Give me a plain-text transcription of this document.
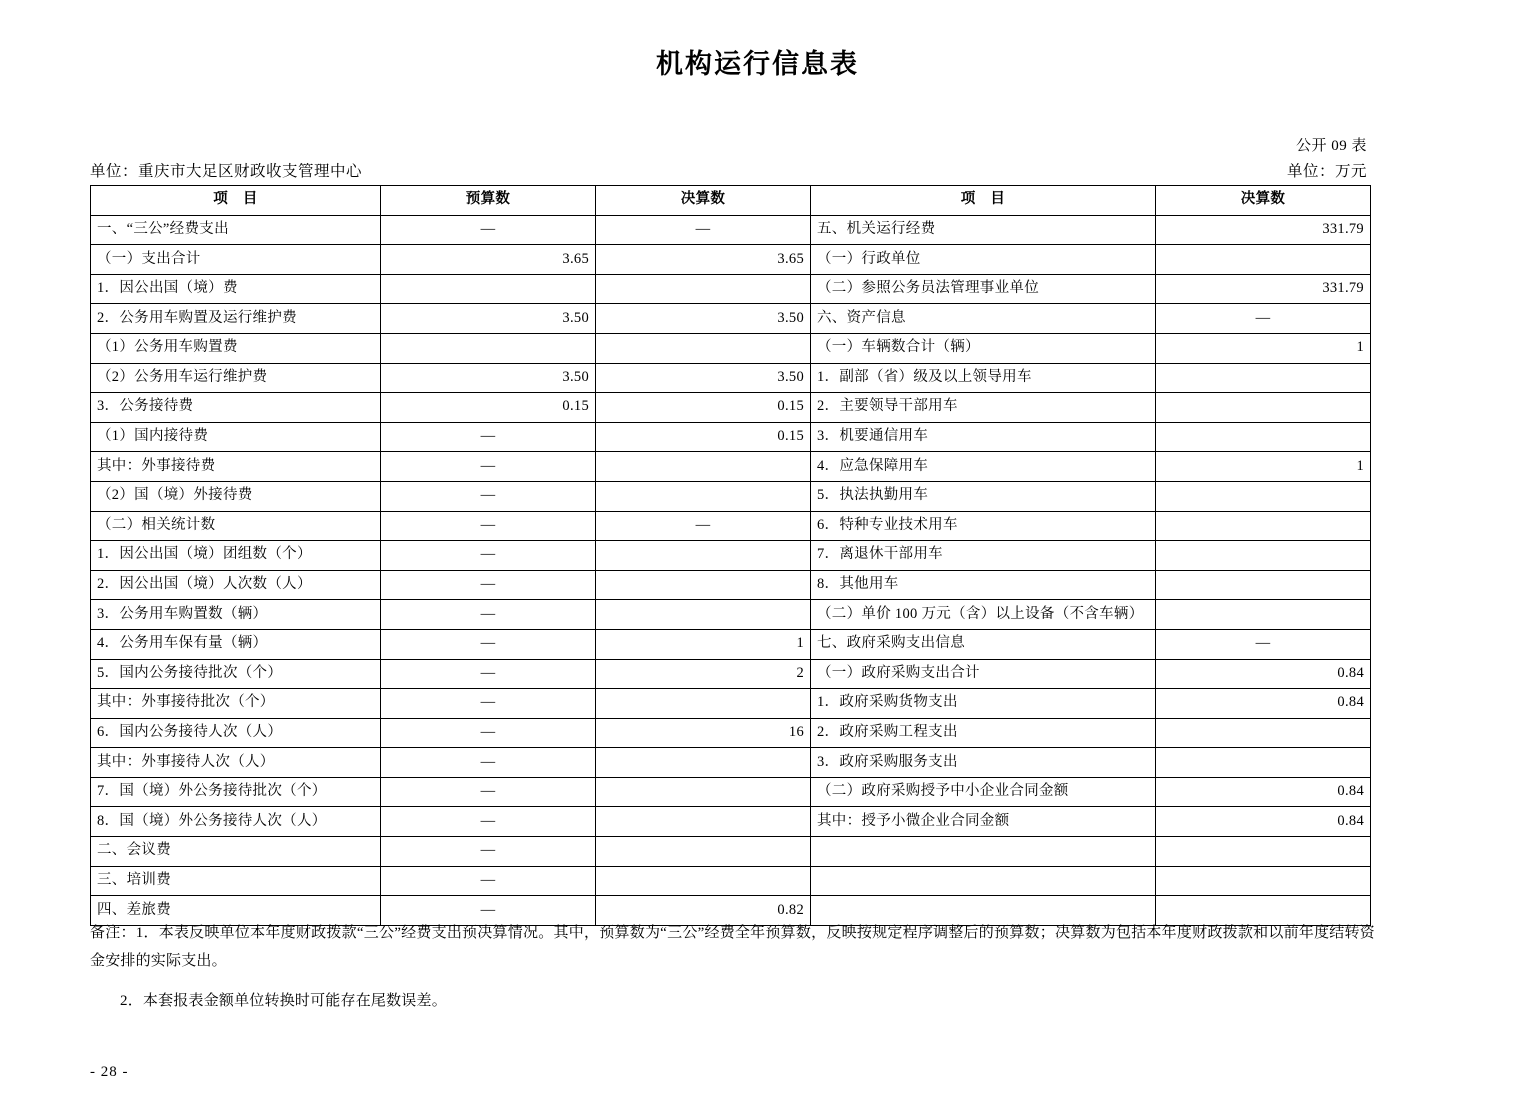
机构运行信息表
公开 09 表
单位：重庆市大足区财政收支管理中心	单位：万元
项　目	预算数	决算数	项　目	决算数
一、“三公”经费支出	—	—	五、机关运行经费	331.79
（一）支出合计	3.65	3.65	（一）行政单位	
1．因公出国（境）费			（二）参照公务员法管理事业单位	331.79
2．公务用车购置及运行维护费	3.50	3.50	六、资产信息	—
（1）公务用车购置费			（一）车辆数合计（辆）	1
（2）公务用车运行维护费	3.50	3.50	1．副部（省）级及以上领导用车	
3．公务接待费	0.15	0.15	2．主要领导干部用车	
（1）国内接待费	—	0.15	3．机要通信用车	
其中：外事接待费	—		4．应急保障用车	1
（2）国（境）外接待费	—		5．执法执勤用车	
（二）相关统计数	—	—	6．特种专业技术用车	
1．因公出国（境）团组数（个）	—		7．离退休干部用车	
2．因公出国（境）人次数（人）	—		8．其他用车	
3．公务用车购置数（辆）	—		（二）单价 100 万元（含）以上设备（不含车辆）	
4．公务用车保有量（辆）	—	1	七、政府采购支出信息	—
5．国内公务接待批次（个）	—	2	（一）政府采购支出合计	0.84
其中：外事接待批次（个）	—		1．政府采购货物支出	0.84
6．国内公务接待人次（人）	—	16	2．政府采购工程支出	
其中：外事接待人次（人）	—		3．政府采购服务支出	
7．国（境）外公务接待批次（个）	—		（二）政府采购授予中小企业合同金额	0.84
8．国（境）外公务接待人次（人）	—		其中：授予小微企业合同金额	0.84
二、会议费	—			
三、培训费	—			
四、差旅费	—	0.82		

备注：1．本表反映单位本年度财政拨款“三公”经费支出预决算情况。其中，预算数为“三公”经费全年预算数，反映按规定程序调整后的预算数；决算数为包括本年度财政拨款和以前年度结转资金安排的实际支出。

2．本套报表金额单位转换时可能存在尾数误差。

- 28 -
